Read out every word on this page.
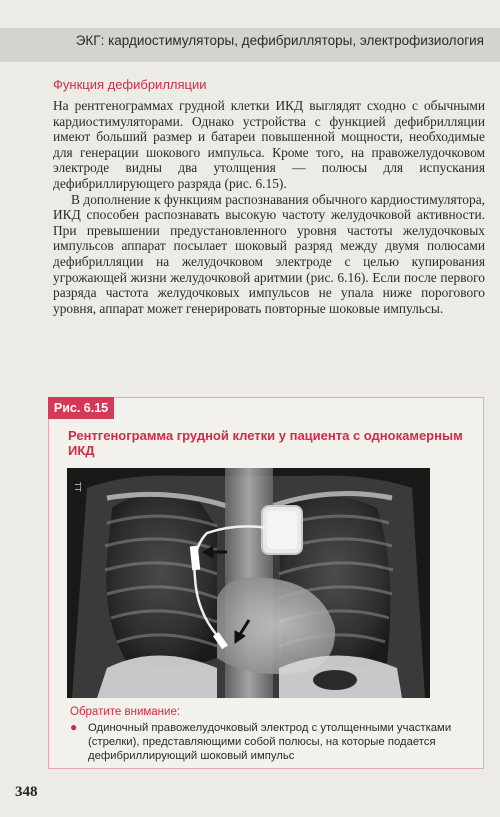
ЭКГ: кардиостимуляторы, дефибрилляторы, электрофизиология
Функция дефибрилляции

На рентгенограммах грудной клетки ИКД выглядят сходно с обычными кардиостимуляторами. Однако устройства с функцией дефибрилляции имеют больший размер и батареи повышенной мощности, необходимые для генерации шокового импульса. Кроме того, на правожелудочковом электроде видны два утолщения — полюсы для испускания дефибриллирующего разряда (рис. 6.15).

В дополнение к функциям распознавания обычного кардиостимулятора, ИКД способен распознавать высокую частоту желудочковой активности. При превышении предустановленного уровня частоты желудочковых импульсов аппарат посылает шоковый разряд между двумя полюсами дефибрилляции на желудочковом электроде с целью купирования угрожающей жизни желудочковой аритмии (рис. 6.16). Если после первого разряда частота желудочковых импульсов не упала ниже порогового уровня, аппарат может генерировать повторные шоковые импульсы.

Рис. 6.15
Рентгенограмма грудной клетки у пациента с однокамерным ИКД
TT
Обратите внимание:
● Одиночный правожелудочковый электрод с утолщенными участками (стрелки), представляющими собой полюсы, на которые подается дефибриллирующий шоковый импульс
348
